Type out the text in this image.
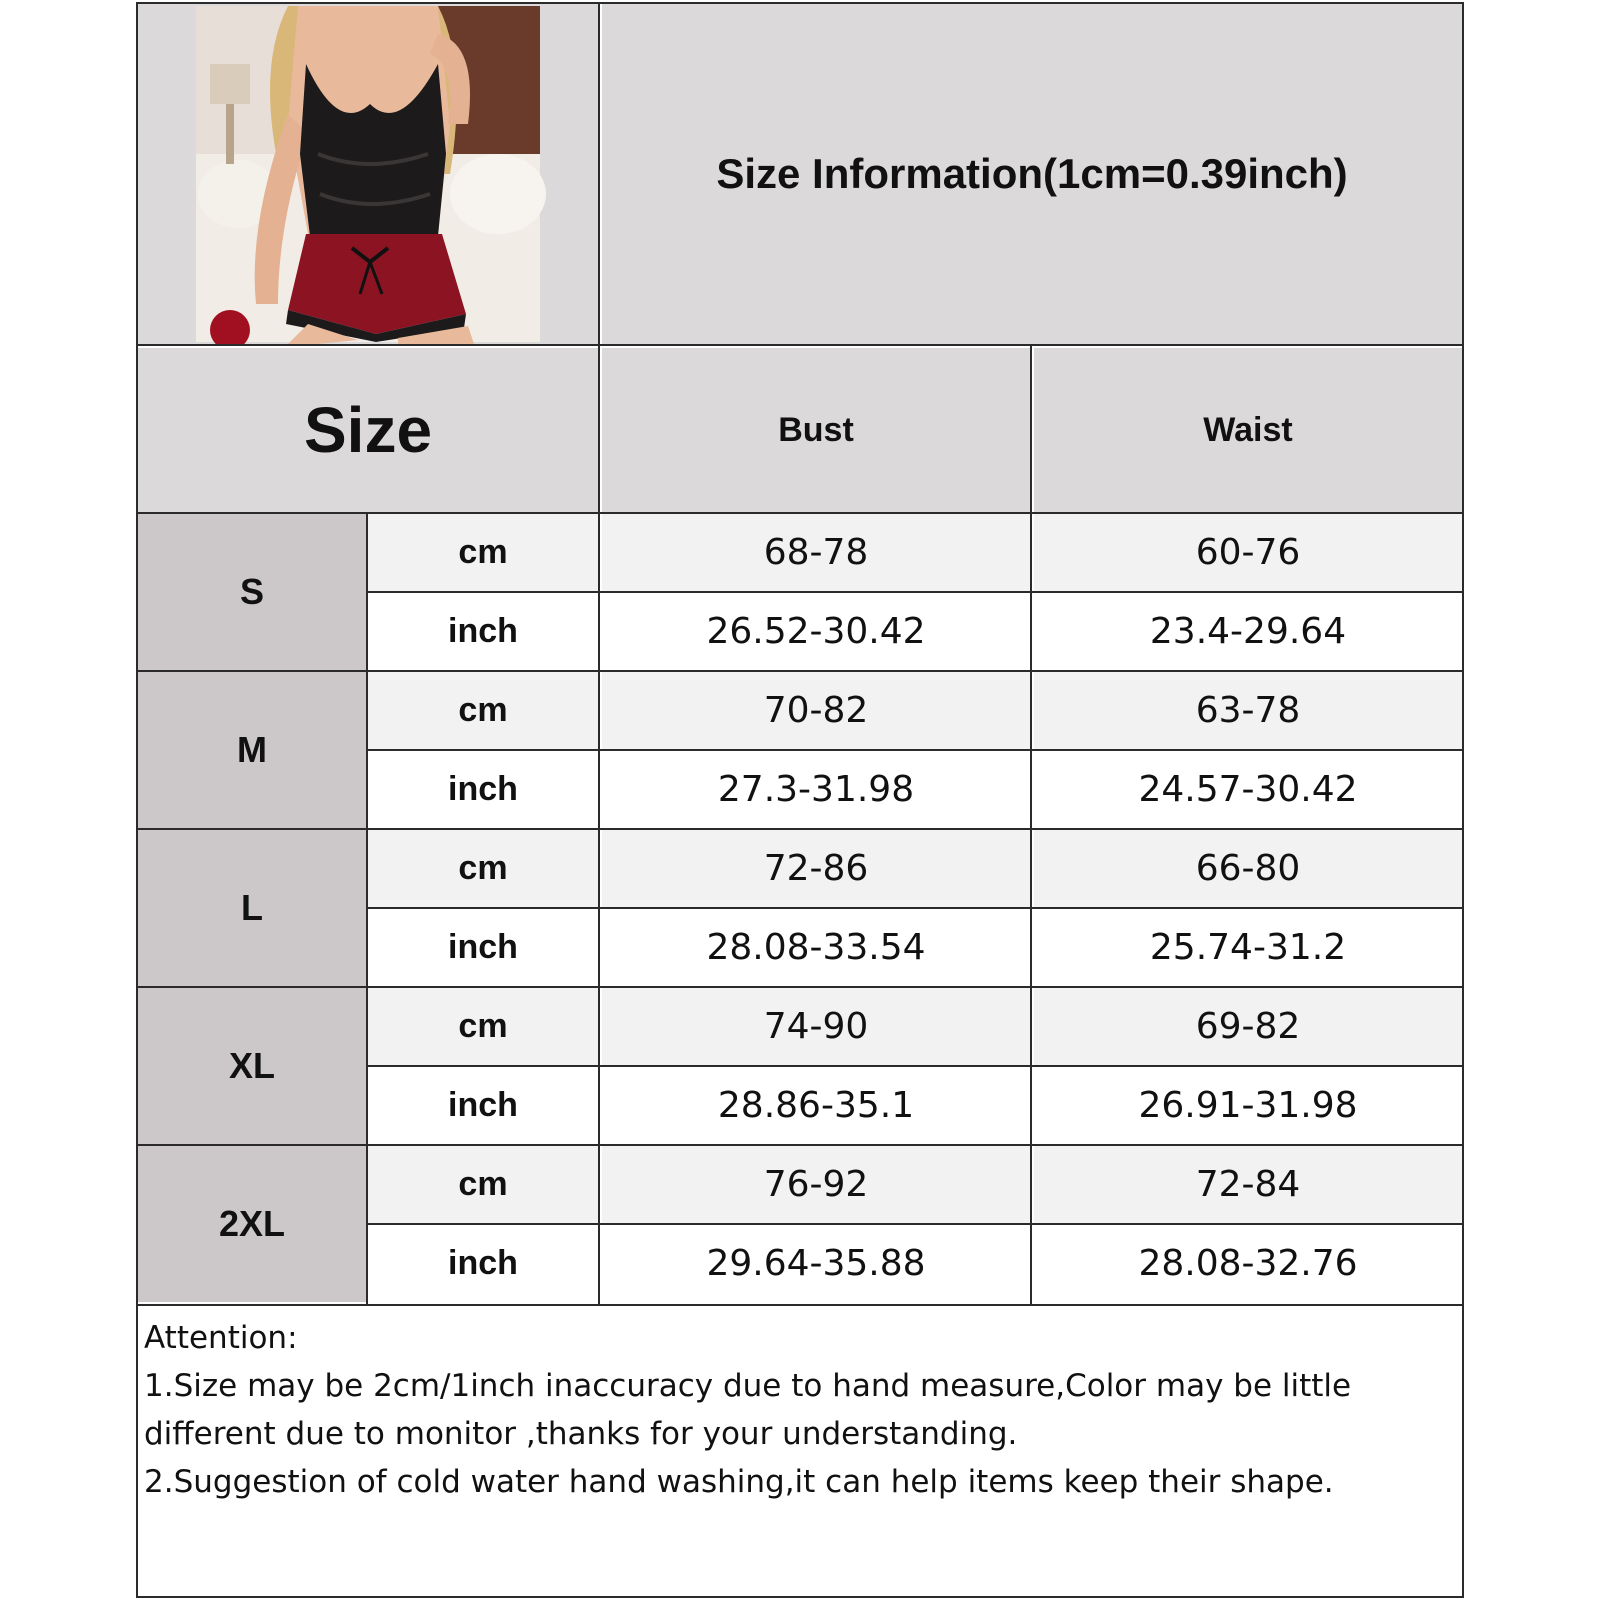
Size Information(1cm=0.39inch)
Size	Bust	Waist
S
cm	68-78	60-76
inch	26.52-30.42	23.4-29.64
M
cm	70-82	63-78
inch	27.3-31.98	24.57-30.42
L
cm	72-86	66-80
inch	28.08-33.54	25.74-31.2
XL
cm	74-90	69-82
inch	28.86-35.1	26.91-31.98
2XL
cm	76-92	72-84
inch	29.64-35.88	28.08-32.76
Attention:
1.Size may be 2cm/1inch inaccuracy due to hand measure,Color may be little
different due to monitor ,thanks for your understanding.
2.Suggestion of cold water hand washing,it can help items keep their shape.
